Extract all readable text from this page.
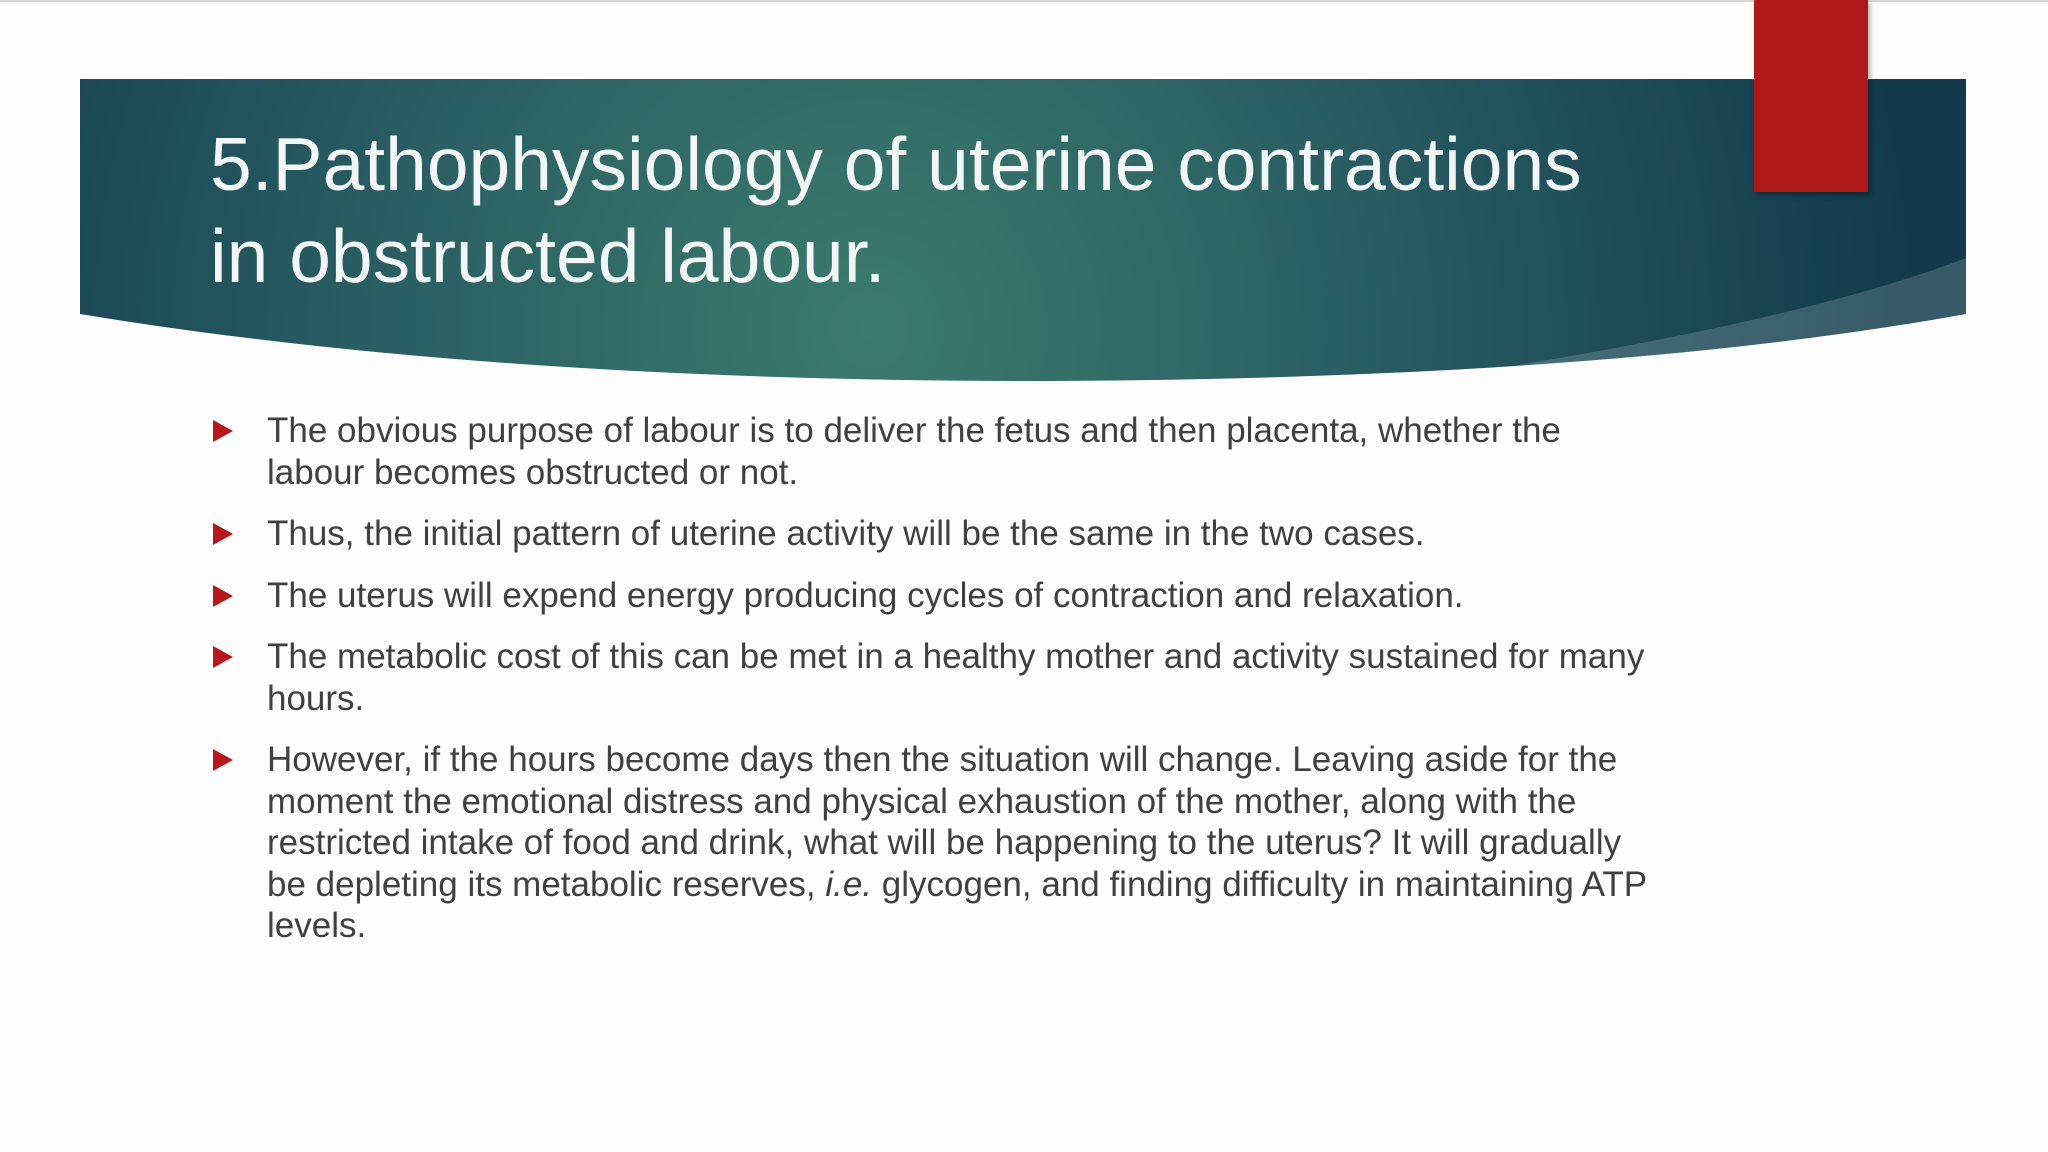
5.Pathophysiology of uterine contractions
in obstructed labour.
The obvious purpose of labour is to deliver the fetus and then placenta, whether the labour becomes obstructed or not.
Thus, the initial pattern of uterine activity will be the same in the two cases.
The uterus will expend energy producing cycles of contraction and relaxation.
The metabolic cost of this can be met in a healthy mother and activity sustained for many hours.
However, if the hours become days then the situation will change. Leaving aside for the moment the emotional distress and physical exhaustion of the mother, along with the restricted intake of food and drink, what will be happening to the uterus? It will gradually be depleting its metabolic reserves, i.e. glycogen, and finding difficulty in maintaining ATP levels.
